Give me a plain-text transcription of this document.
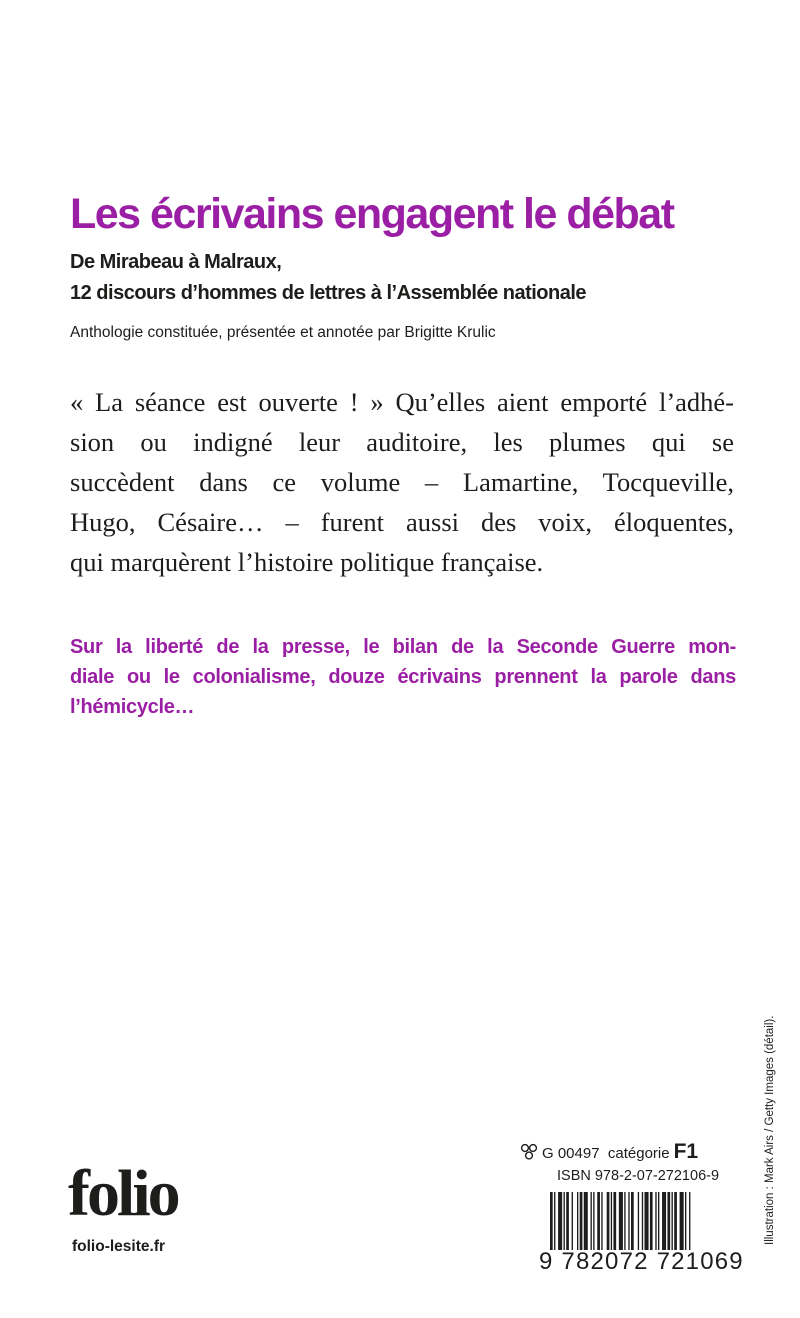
Les écrivains engagent le débat
De Mirabeau à Malraux,
12 discours d’hommes de lettres à l’Assemblée nationale
Anthologie constituée, présentée et annotée par Brigitte Krulic
« La séance est ouverte ! » Qu’elles aient emporté l’adhé-
sion ou indigné leur auditoire, les plumes qui se
succèdent dans ce volume – Lamartine, Tocqueville,
Hugo, Césaire… – furent aussi des voix, éloquentes,
qui marquèrent l’histoire politique française.
Sur la liberté de la presse, le bilan de la Seconde Guerre mon-
diale ou le colonialisme, douze écrivains prennent la parole dans
l’hémicycle…
Illustration : Mark Airs / Getty Images (détail).
folio
folio-lesite.fr
G 00497 catégorie F1
ISBN 978-2-07-272106-9
9 782072 721069
